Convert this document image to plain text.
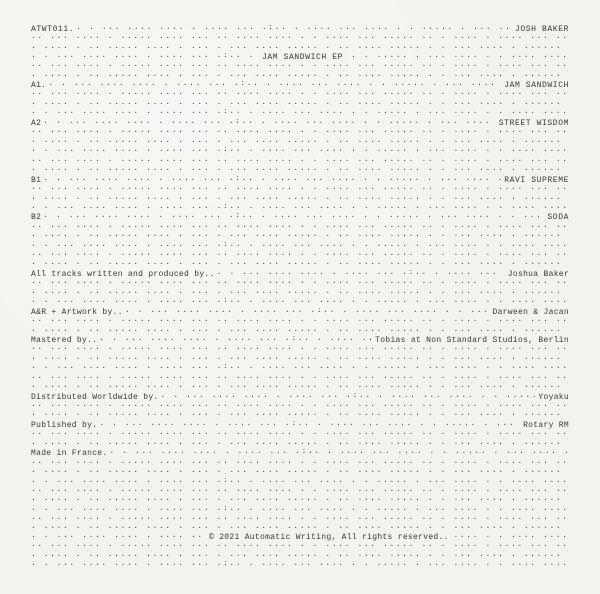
ATWT011. . . ... .... .... . .... ... .:.. . .... ... .... . . ..... . ... .... . . .... ..... . ... ..... . . . .... .... . .... ..... .. . ....	JOSH BAKER
.. ..
. ...
. . ... .... .... . .... ... .:.. . .... ... .... . . ..... . ... .... . . .... ..... . ... ..... . . . .... .... . .... ..... .. . ....
JAM SANDWICH EP
.. ..
. ...
A1. . . ... .... .... . .... ... .:.. . .... ... .... . . ..... . ... .... . . .... ..... . ... ..... . . . .... .... . .... ..... .. . ....	JAM SANDWICH
.. ..
. ...
. . ... .... .... . .... ... .:.. . .... ... .... . . ..... . ... .... . . .... ..... . ... ..... . . . .... .... . .... ..... .. . ....
A2 . . ... .... .... . .... ... .:.. . .... ... .... . . ..... . ... .... . . .... ..... . ... ..... . . . .... .... . .... ..... .. . ....	STREET WISDOM
.. ..
. ...
. . ... .... .... . .... ... .:.. . .... ... .... . . ..... . ... .... . . .... ..... . ... ..... . . . .... .... . .... ..... .. . ....
.. ..
. ...
B1 . . ... .... .... . .... ... .:.. . .... ... .... . . ..... . ... .... . . .... ..... . ... ..... . . . .... .... . .... ..... .. . ....	RAVI SUPREME
.. ..
. ...
. . ... .... .... . .... ... .:.. . .... ... .... . . ..... . ... .... . . .... ..... . ... ..... . . . .... .... . .... ..... .. . ....
B2 . . ... .... .... . .... ... .:.. . .... ... .... . . ..... . ... .... . . .... ..... . ... ..... . . . .... .... . .... ..... .. . ....	SODA
.. ..
. ...
. . ... .... .... . .... ... .:.. . .... ... .... . . ..... . ... .... . . .... ..... . ... ..... . . . .... .... . .... ..... .. . ....
.. ..
. ...
All tracks written and produced by.. . . ... .... .... . .... ... .:.. . .... ... .... . . ..... . ... .... . . .... ..... . ... ..... . . . .... .... . .... ..... .. . ....	Joshua Baker
.. ..
. ...
. . ... .... .... . .... ... .:.. . .... ... .... . . ..... . ... .... . . .... ..... . ... ..... . . . .... .... . .... ..... .. . ....
A&R + Artwork by.. . . ... .... .... . .... ... .:.. . .... ... .... . . ..... . ... .... . . .... ..... . ... ..... . . . .... .... . .... ..... .. . ....	Darween & Jacan
.. ..
. ...
Mastered by.. . . ... .... .... . .... ... .:.. . .... ... .... . . ..... . ... .... . . .... ..... . ... ..... . . . .... .... . .... ..... .. . ....	Tobias at Non Standard Studios, Berlin
.. ..
. ...
. . ... .... .... . .... ... .:.. . .... ... .... . . ..... . ... .... . . .... ..... . ... ..... . . . .... .... . .... ..... .. . ....
.. ..
. ...
Distributed Worldwide by. . . ... .... .... . .... ... .:.. . .... ... .... . . ..... . ... .... . . .... ..... . ... ..... . . . .... .... . .... ..... .. . ....	Yoyaku
.. ..
. ...
Published by. . . ... .... .... . .... ... .:.. . .... ... .... . . ..... . ... .... . . .... ..... . ... ..... . . . .... .... . .... ..... .. . ....	Rotary RM
.. ..
. ...
Made in France.
. . ... .... .... . .... ... .:.. . .... ... .... . . ..... . ... .... . . .... ..... . ... ..... . . . .... .... . .... ..... .. . ....
.. ..
. ...
. . ... .... .... . .... ... .:.. . .... ... .... . . ..... . ... .... . . .... ..... . ... ..... . . . .... .... . .... ..... .. . ....
.. ..
. ...
. . ... .... .... . .... ... .:.. . .... ... .... . . ..... . ... .... . . .... ..... . ... ..... . . . .... .... . .... ..... .. . ....
.. ..
. ...
. . ... .... .... . .... ... .:.. . .... ... .... . . ..... . ... .... . . .... ..... . ... ..... . . . .... .... . .... ..... .. . ....
© 2021 Automatic Writing, All rights reserved..
.. ..
. ...
. . ... .... .... . .... ... .:.. . .... ... .... . . ..... . ... .... . . .... ..... . ... ..... . . . .... .... . .... ..... .. . ....
